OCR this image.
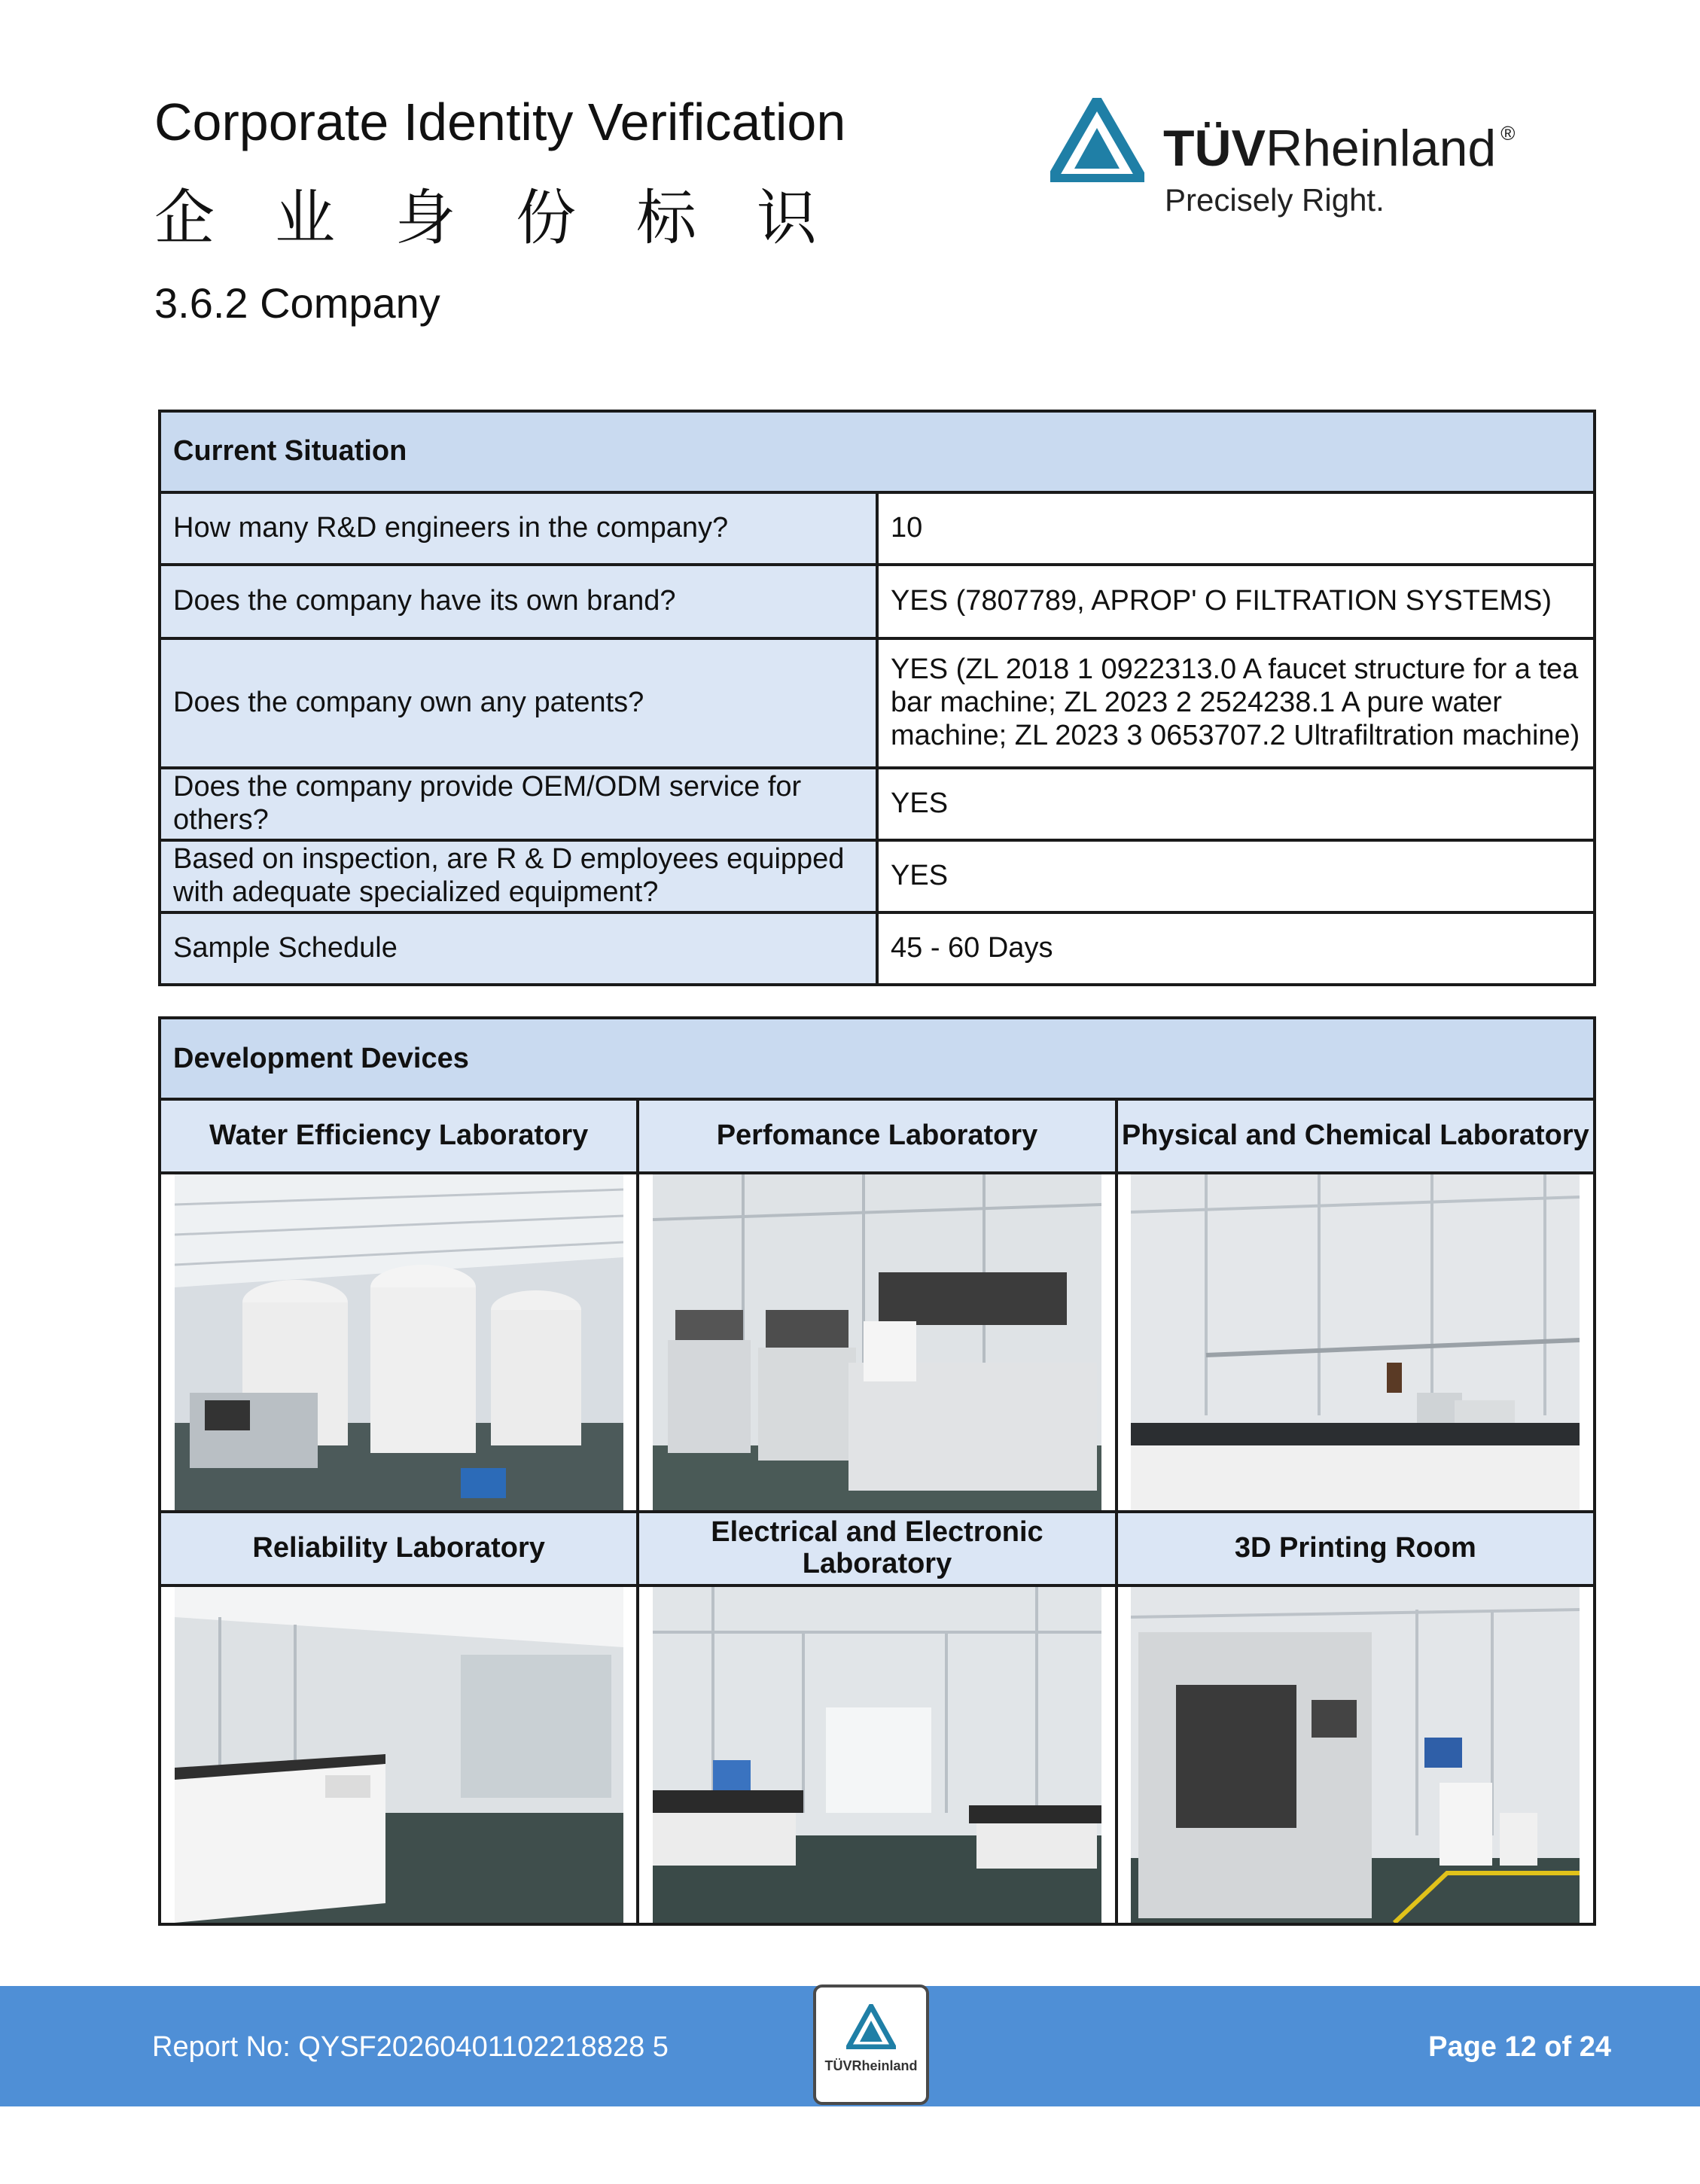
Corporate Identity Verification
企 业 身 份 标 识
3.6.2 Company
TÜVRheinland ®
Precisely Right.
Current Situation	
How many R&D engineers in the company?	10
Does the company have its own brand?	YES (7807789, APROP' O FILTRATION SYSTEMS)
Does the company own any patents?	YES (ZL 2018 1 0922313.0 A faucet structure for a tea bar machine; ZL 2023 2 2524238.1 A pure water machine; ZL 2023 3 0653707.2 Ultrafiltration machine)
Does the company provide OEM/ODM service for others?	YES
Based on inspection, are R & D employees equipped with adequate specialized equipment?	YES
Sample Schedule	45 - 60 Days
Development Devices		
Water Efficiency Laboratory	Perfomance Laboratory	Physical and Chemical Laboratory

Reliability Laboratory	Electrical and Electronic Laboratory	3D Printing Room

Report No: QYSF20260401102218828 5	Page 12 of 24
TÜVRheinland
